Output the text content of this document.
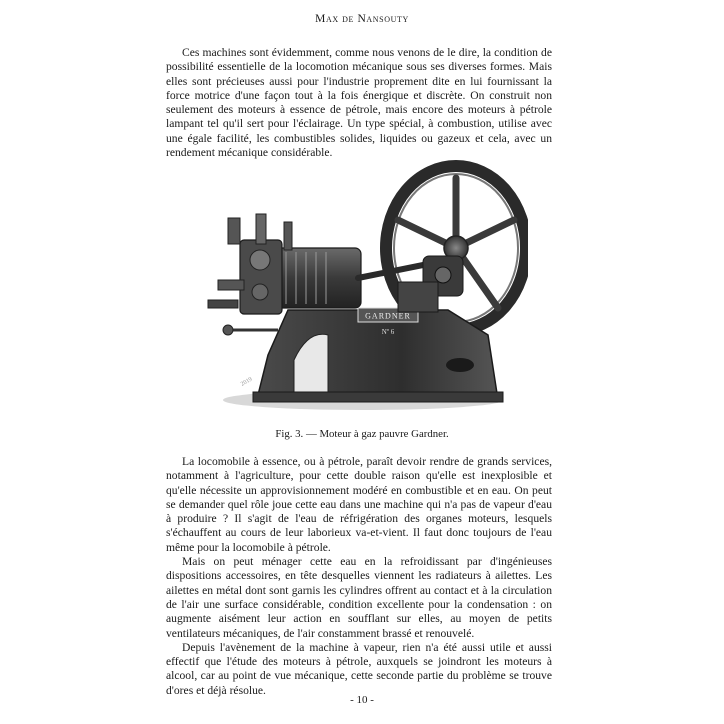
Max de Nansouty

Ces machines sont évidemment, comme nous venons de le dire, la condition de possibilité essentielle de la locomotion mécanique sous ses diverses formes. Mais elles sont précieuses aussi pour l'industrie proprement dite en lui fournissant la force motrice d'une façon tout à la fois énergique et discrète. On construit non seulement des moteurs à essence de pétrole, mais encore des moteurs à pétrole lampant tel qu'il sert pour l'éclairage. Un type spécial, à combustion, utilise avec une égale facilité, les combustibles solides, liquides ou gazeux et cela, avec un rendement mécanique considérable.

GARDNER
Nº 6
2019
Fig. 3. — Moteur à gaz pauvre Gardner.

La locomobile à essence, ou à pétrole, paraît devoir rendre de grands services, notamment à l'agriculture, pour cette double raison qu'elle est inexplosible et qu'elle nécessite un approvisionnement modéré en combustible et en eau. On peut se demander quel rôle joue cette eau dans une machine qui n'a pas de vapeur d'eau à produire ? Il s'agit de l'eau de réfrigération des organes moteurs, lesquels s'échauffent au cours de leur laborieux va-et-vient. Il faut donc toujours de l'eau même pour la locomobile à pétrole.

Mais on peut ménager cette eau en la refroidissant par d'ingénieuses dispositions accessoires, en tête desquelles viennent les radiateurs à ailettes. Les ailettes en métal dont sont garnis les cylindres offrent au contact et à la circulation de l'air une surface considérable, condition excellente pour la condensation : on augmente aisément leur action en soufflant sur elles, au moyen de petits ventilateurs mécaniques, de l'air constamment brassé et renouvelé.

Depuis l'avènement de la machine à vapeur, rien n'a été aussi utile et aussi effectif que l'étude des moteurs à pétrole, auxquels se joindront les moteurs à alcool, car au point de vue mécanique, cette seconde partie du problème se trouve d'ores et déjà résolue.

- 10 -
